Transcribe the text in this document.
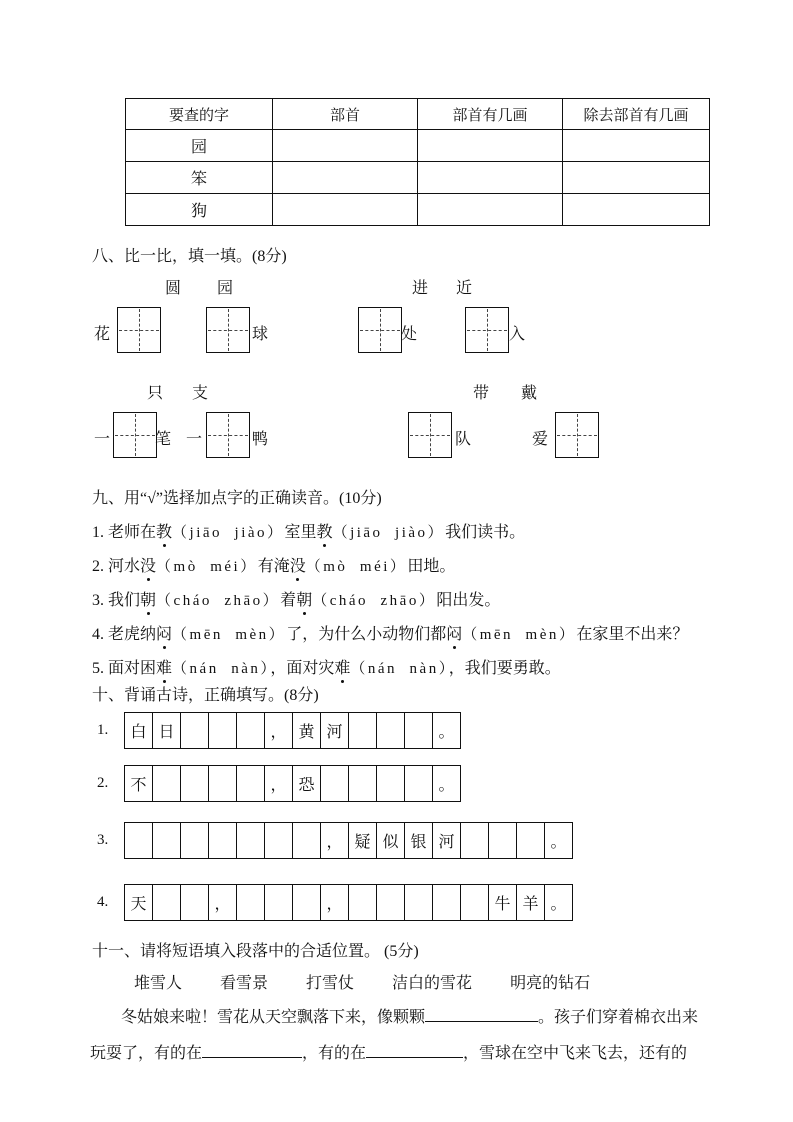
要查的字	部首	部首有几画	除去部首有几画
园			
笨			
狗			
八、比一比，填一填。(8分)
圆 园	进 近
花	球	处	入
只 支	带 戴
一	笔 一	鸭	队	爱
九、用“√”选择加点字的正确读音。(10分)
1. 老师在教（jiāo  jiào）室里教（jiāo  jiào）我们读书。
2. 河水没（mò  méi）有淹没（mò  méi）田地。
3. 我们朝（cháo  zhāo）着朝（cháo  zhāo）阳出发。
4. 老虎纳闷（mēn  mèn）了，为什么小动物们都闷（mēn  mèn）在家里不出来？
5. 面对困难（nán  nàn），面对灾难（nán  nàn），我们要勇敢。
十、背诵古诗，正确填写。(8分)
1.	白 日	， 黄 河	。
2.	不	， 恐	。
3.	， 疑 似 银 河	。
4.	天	，	，	牛 羊 。
十一、请将短语填入段落中的合适位置。 (5分)
堆雪人 看雪景 打雪仗 洁白的雪花 明亮的钻石
冬姑娘来啦！雪花从天空飘落下来，像颗颗	。孩子们穿着棉衣出来
玩耍了，有的在	，有的在	，雪球在空中飞来飞去，还有的
